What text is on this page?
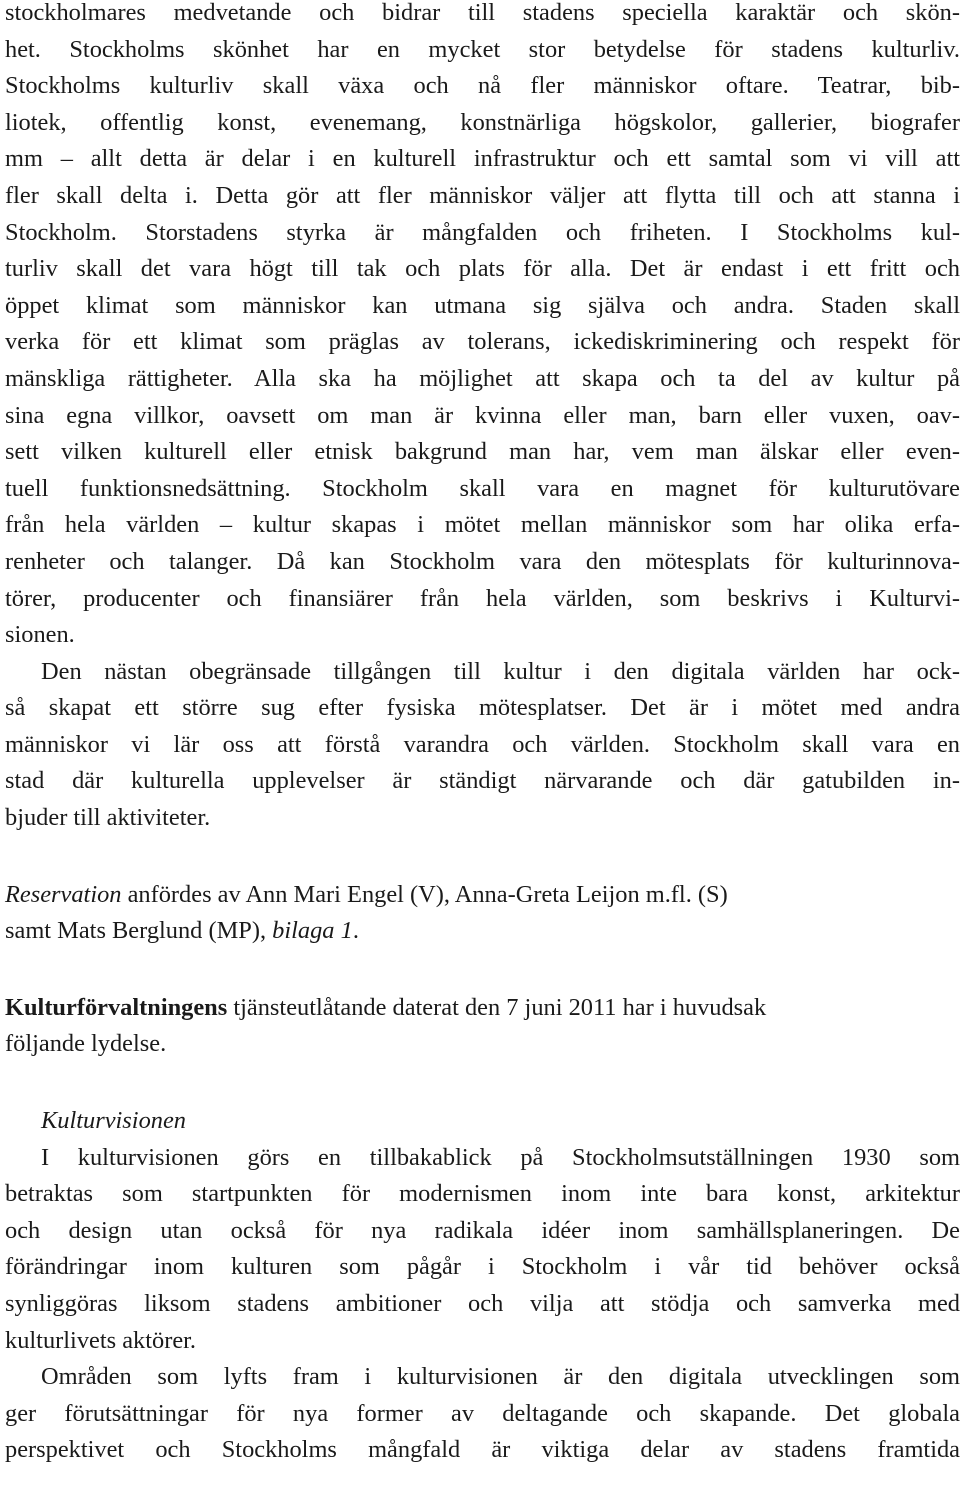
stockholmares medvetande och bidrar till stadens speciella karaktär och skön-
het. Stockholms skönhet har en mycket stor betydelse för stadens kulturliv.
Stockholms kulturliv skall växa och nå fler människor oftare. Teatrar, bib-
liotek, offentlig konst, evenemang, konstnärliga högskolor, gallerier, biografer
mm – allt detta är delar i en kulturell infrastruktur och ett samtal som vi vill att
fler skall delta i. Detta gör att fler människor väljer att flytta till och att stanna i
Stockholm. Storstadens styrka är mångfalden och friheten. I Stockholms kul-
turliv skall det vara högt till tak och plats för alla. Det är endast i ett fritt och
öppet klimat som människor kan utmana sig själva och andra. Staden skall
verka för ett klimat som präglas av tolerans, ickediskriminering och respekt för
mänskliga rättigheter. Alla ska ha möjlighet att skapa och ta del av kultur på
sina egna villkor, oavsett om man är kvinna eller man, barn eller vuxen, oav-
sett vilken kulturell eller etnisk bakgrund man har, vem man älskar eller even-
tuell funktionsnedsättning. Stockholm skall vara en magnet för kulturutövare
från hela världen – kultur skapas i mötet mellan människor som har olika erfa-
renheter och talanger. Då kan Stockholm vara den mötesplats för kulturinnova-
törer, producenter och finansiärer från hela världen, som beskrivs i Kulturvi-
sionen.
Den nästan obegränsade tillgången till kultur i den digitala världen har ock-
så skapat ett större sug efter fysiska mötesplatser. Det är i mötet med andra
människor vi lär oss att förstå varandra och världen. Stockholm skall vara en
stad där kulturella upplevelser är ständigt närvarande och där gatubilden in-
bjuder till aktiviteter.
Reservation anfördes av Ann Mari Engel (V), Anna-Greta Leijon m.fl. (S)
samt Mats Berglund (MP), bilaga 1.
Kulturförvaltningens tjänsteutlåtande daterat den 7 juni 2011 har i huvudsak
följande lydelse.
Kulturvisionen
I kulturvisionen görs en tillbakablick på Stockholmsutställningen 1930 som
betraktas som startpunkten för modernismen inom inte bara konst, arkitektur
och design utan också för nya radikala idéer inom samhällsplaneringen. De
förändringar inom kulturen som pågår i Stockholm i vår tid behöver också
synliggöras liksom stadens ambitioner och vilja att stödja och samverka med
kulturlivets aktörer.
Områden som lyfts fram i kulturvisionen är den digitala utvecklingen som
ger förutsättningar för nya former av deltagande och skapande. Det globala
perspektivet och Stockholms mångfald är viktiga delar av stadens framtida
